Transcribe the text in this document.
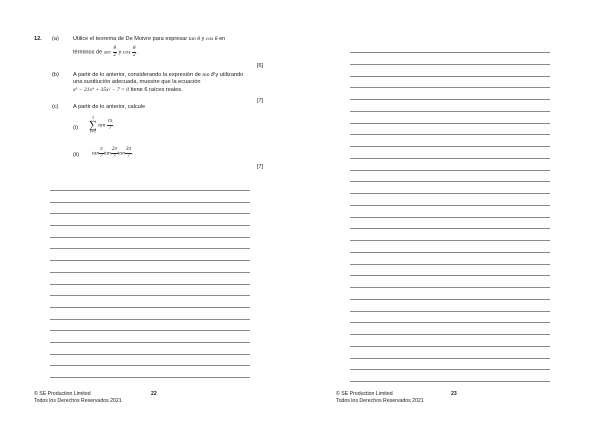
12. (a)	Utilice el teorema de De Moivre para expresar tan θ y cos θ en
términos de $\sec \frac{\theta}{2}$ y $\cos \frac{\theta}{2}$ .
[6]
(b)	A partir de lo anterior, considerando la expresión de tan 𝜃 y utilizando
una sustitución adecuada, muestre que la ecuación
x⁶ − 21x⁴ + 35x² − 7 = 0 tiene 6 raíces reales.
[7]
(c)	A partir de lo anterior, calcule
(i)
3
∑
r=1
$\tan \frac{r\pi}{7}$ .
(ii) $\tan \frac{\pi}{7}$ $\tan \frac{2\pi}{7}$ $\tan \frac{3\pi}{7}$ .
[7]
© SE Production Limited
Todos los Derechos Reservados 2021
22	© SE Production Limited
Todos los Derechos Reservados 2021
23
